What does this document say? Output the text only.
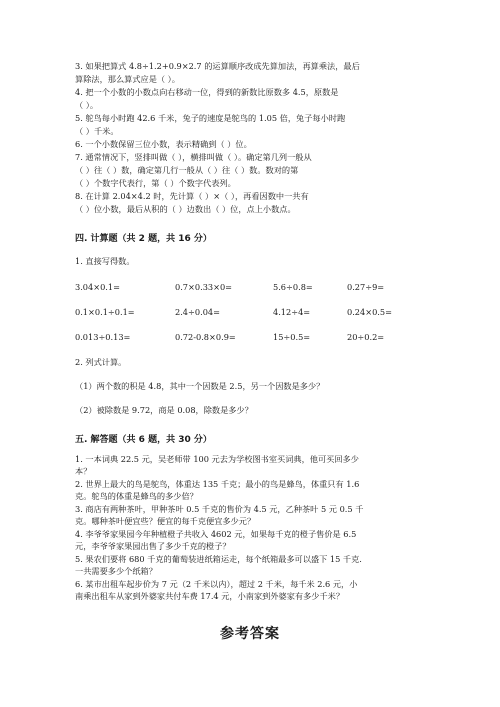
3. 如果把算式 4.8÷1.2+0.9×2.7 的运算顺序改成先算加法，再算乘法，最后
算除法，那么算式应是（ ）。
4. 把一个小数的小数点向右移动一位，得到的新数比原数多 4.5，原数是
（ ）。
5. 鸵鸟每小时跑 42.6 千米，兔子的速度是鸵鸟的 1.05 倍，兔子每小时跑
（ ）千米。
6. 一个小数保留三位小数，表示精确到（ ）位。
7. 通常情况下，竖排叫做（ ），横排叫做（ ）。确定第几列一般从
（ ）往（ ）数，确定第几行一般从（ ）往（ ）数。数对的第
（ ）个数字代表行，第（ ）个数字代表列。
8. 在计算 2.04×4.2 时，先计算（ ）×（ ），再看因数中一共有
（ ）位小数，最后从积的（ ）边数出（ ）位，点上小数点。
四. 计算题（共 2 题，共 16 分）
1. 直接写得数。
3.04×0.1=	0.7×0.33×0=	5.6÷0.8=	0.27÷9=
0.1×0.1÷0.1=	2.4÷0.04=	4.12÷4=	0.24×0.5=
0.013÷0.13=	0.72-0.8×0.9=	15÷0.5=	20÷0.2=
2. 列式计算。
（1）两个数的积是 4.8，其中一个因数是 2.5，另一个因数是多少？
（2）被除数是 9.72，商是 0.08，除数是多少？
五. 解答题（共 6 题，共 30 分）
1. 一本词典 22.5 元，吴老师带 100 元去为学校图书室买词典，他可买回多少
本？
2. 世界上最大的鸟是鸵鸟，体重达 135 千克；最小的鸟是蜂鸟，体重只有 1.6
克。鸵鸟的体重是蜂鸟的多少倍？
3. 商店有两种茶叶，甲种茶叶 0.5 千克的售价为 4.5 元，乙种茶叶 5 元 0.5 千
克。哪种茶叶便宜些？便宜的每千克便宜多少元？
4. 李爷爷家果园今年种植橙子共收入 4602 元，如果每千克的橙子售价是 6.5
元，李爷爷家果园出售了多少千克的橙子？
5. 果农们要将 680 千克的葡萄装进纸箱运走，每个纸箱最多可以盛下 15 千克.
一共需要多少个纸箱？
6. 某市出租车起步价为 7 元（2 千米以内），超过 2 千米，每千米 2.6 元，小
南乘出租车从家到外婆家共付车费 17.4 元，小南家到外婆家有多少千米？
参考答案
